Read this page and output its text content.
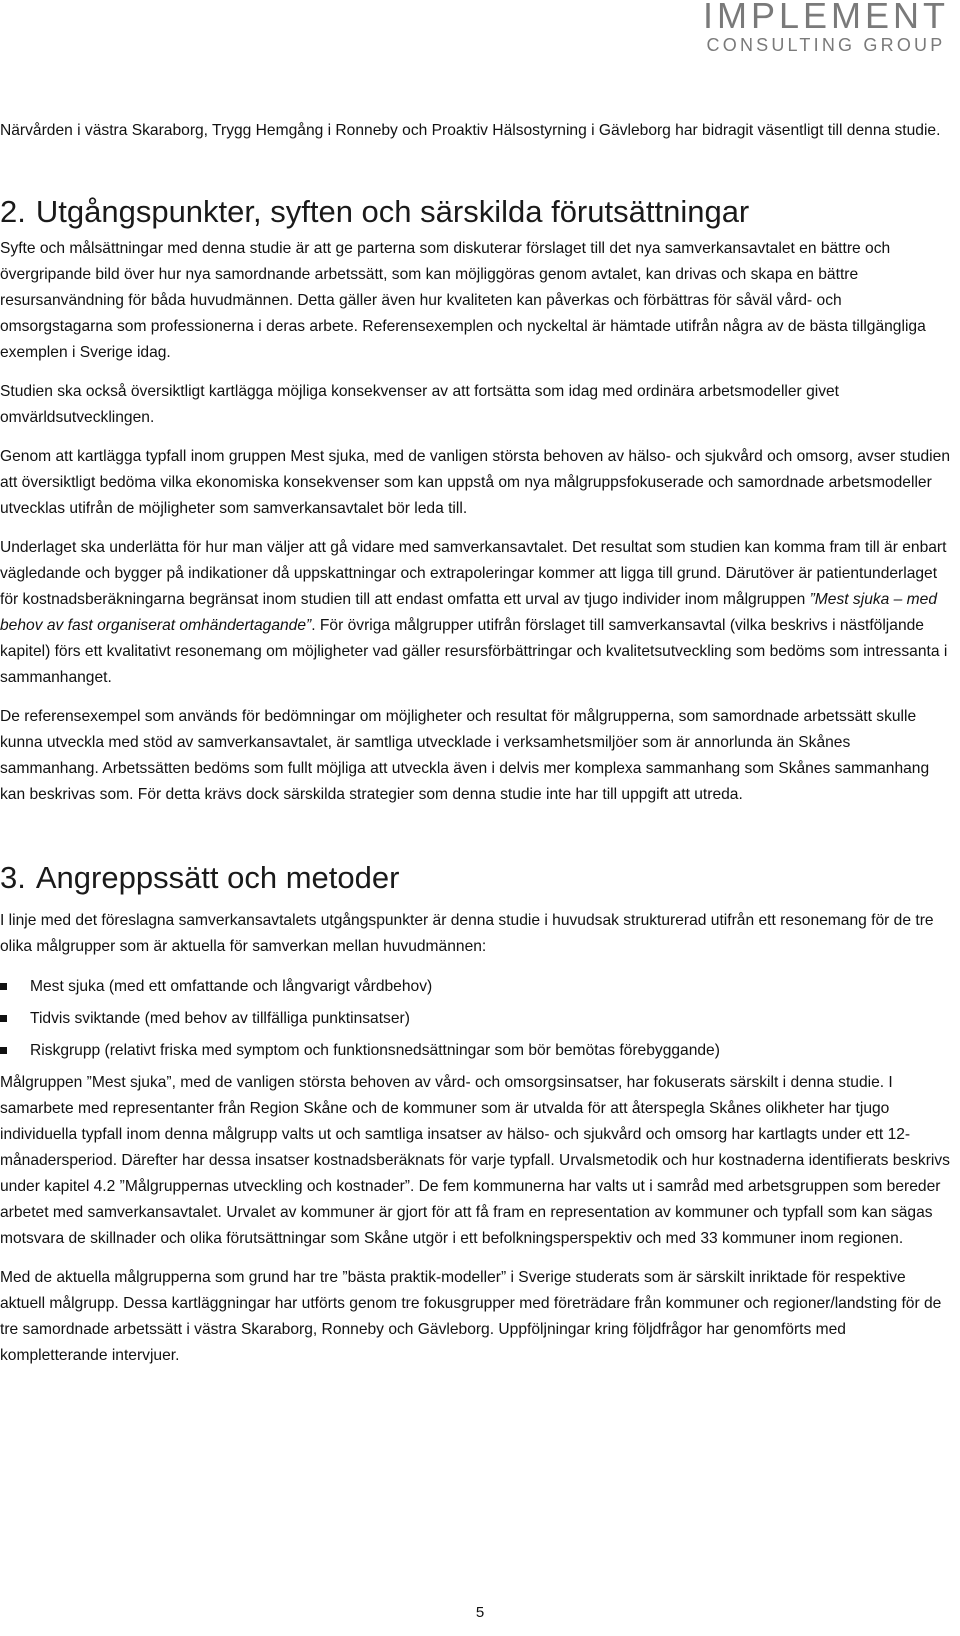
IMPLEMENT
CONSULTING GROUP

Närvården i västra Skaraborg, Trygg Hemgång i Ronneby och Proaktiv Hälsostyrning i Gävleborg har bidragit väsentligt till denna studie.

2. Utgångspunkter, syften och särskilda förutsättningar

Syfte och målsättningar med denna studie är att ge parterna som diskuterar förslaget till det nya samverkansavtalet en bättre och övergripande bild över hur nya samordnande arbetssätt, som kan möjliggöras genom avtalet, kan drivas och skapa en bättre resursanvändning för båda huvudmännen. Detta gäller även hur kvaliteten kan påverkas och förbättras för såväl vård- och omsorgstagarna som professionerna i deras arbete. Referensexemplen och nyckeltal är hämtade utifrån några av de bästa tillgängliga exemplen i Sverige idag.

Studien ska också översiktligt kartlägga möjliga konsekvenser av att fortsätta som idag med ordinära arbetsmodeller givet omvärldsutvecklingen.

Genom att kartlägga typfall inom gruppen Mest sjuka, med de vanligen största behoven av hälso- och sjukvård och omsorg, avser studien att översiktligt bedöma vilka ekonomiska konsekvenser som kan uppstå om nya målgruppsfokuserade och samordnade arbetsmodeller utvecklas utifrån de möjligheter som samverkansavtalet bör leda till.

Underlaget ska underlätta för hur man väljer att gå vidare med samverkansavtalet. Det resultat som studien kan komma fram till är enbart vägledande och bygger på indikationer då uppskattningar och extrapoleringar kommer att ligga till grund. Därutöver är patientunderlaget för kostnadsberäkningarna begränsat inom studien till att endast omfatta ett urval av tjugo individer inom målgruppen ”Mest sjuka – med behov av fast organiserat omhändertagande”. För övriga målgrupper utifrån förslaget till samverkansavtal (vilka beskrivs i nästföljande kapitel) förs ett kvalitativt resonemang om möjligheter vad gäller resursförbättringar och kvalitetsutveckling som bedöms som intressanta i sammanhanget.

De referensexempel som används för bedömningar om möjligheter och resultat för målgrupperna, som samordnade arbetssätt skulle kunna utveckla med stöd av samverkansavtalet, är samtliga utvecklade i verksamhetsmiljöer som är annorlunda än Skånes sammanhang. Arbetssätten bedöms som fullt möjliga att utveckla även i delvis mer komplexa sammanhang som Skånes sammanhang kan beskrivas som. För detta krävs dock särskilda strategier som denna studie inte har till uppgift att utreda.

3. Angreppssätt och metoder

I linje med det föreslagna samverkansavtalets utgångspunkter är denna studie i huvudsak strukturerad utifrån ett resonemang för de tre olika målgrupper som är aktuella för samverkan mellan huvudmännen:

Mest sjuka (med ett omfattande och långvarigt vårdbehov)
Tidvis sviktande (med behov av tillfälliga punktinsatser)
Riskgrupp (relativt friska med symptom och funktionsnedsättningar som bör bemötas förebyggande)

Målgruppen ”Mest sjuka”, med de vanligen största behoven av vård- och omsorgsinsatser, har fokuserats särskilt i denna studie. I samarbete med representanter från Region Skåne och de kommuner som är utvalda för att återspegla Skånes olikheter har tjugo individuella typfall inom denna målgrupp valts ut och samtliga insatser av hälso- och sjukvård och omsorg har kartlagts under ett 12-månadersperiod. Därefter har dessa insatser kostnadsberäknats för varje typfall. Urvalsmetodik och hur kostnaderna identifierats beskrivs under kapitel 4.2 ”Målgruppernas utveckling och kostnader”. De fem kommunerna har valts ut i samråd med arbetsgruppen som bereder arbetet med samverkansavtalet. Urvalet av kommuner är gjort för att få fram en representation av kommuner och typfall som kan sägas motsvara de skillnader och olika förutsättningar som Skåne utgör i ett befolkningsperspektiv och med 33 kommuner inom regionen.

Med de aktuella målgrupperna som grund har tre ”bästa praktik-modeller” i Sverige studerats som är särskilt inriktade för respektive aktuell målgrupp. Dessa kartläggningar har utförts genom tre fokusgrupper med företrädare från kommuner och regioner/landsting för de tre samordnade arbetssätt i västra Skaraborg, Ronneby och Gävleborg. Uppföljningar kring följdfrågor har genomförts med kompletterande intervjuer.

5
